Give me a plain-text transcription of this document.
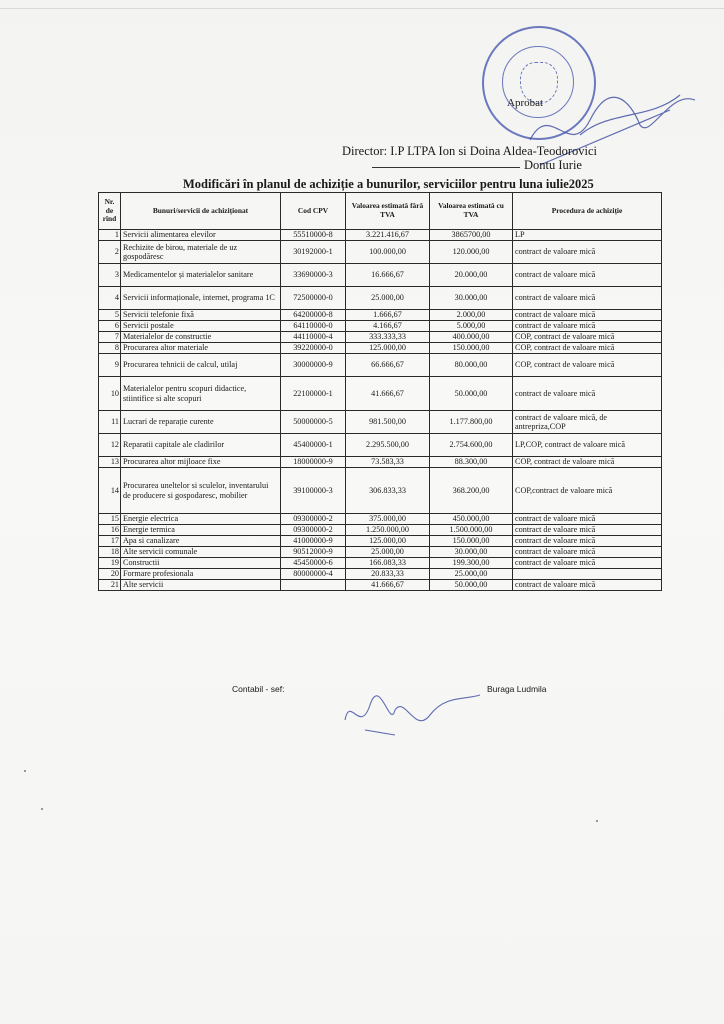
Aprobat
Director: I.P LTPA Ion si Doina Aldea-Teodorovici
Dontu Iurie
Modificări în planul de achiziție a bunurilor, serviciilor pentru luna iulie2025
Nr. de rînd	Bunuri/servicii de achiziționat	Cod CPV	Valoarea estimată fără TVA	Valoarea estimată cu TVA	Procedura de achiziție
1	Servicii alimentarea elevilor	55510000-8	3.221.416,67	3865700,00	LP
2	Rechizite de birou, materiale de uz gospodăresc	30192000-1	100.000,00	120.000,00	contract de valoare mică
3	Medicamentelor și materialelor sanitare	33690000-3	16.666,67	20.000,00	contract de valoare mică
4	Servicii informaționale, internet, programa 1C	72500000-0	25.000,00	30.000,00	contract de valoare mică
5	Servicii telefonie fixă	64200000-8	1.666,67	2.000,00	contract de valoare mică
6	Servicii postale	64110000-0	4.166,67	5.000,00	contract de valoare mică
7	Materialelor de constructie	44110000-4	333.333,33	400.000,00	COP, contract de valoare mică
8	Procurarea altor materiale	39220000-0	125.000,00	150.000,00	COP, contract de valoare mică
9	Procurarea tehnicii de calcul, utilaj	30000000-9	66.666,67	80.000,00	COP, contract de valoare mică
10	Materialelor pentru scopuri didactice, stiintifice si alte scopuri	22100000-1	41.666,67	50.000,00	contract de valoare mică
11	Lucrari de reparație curente	50000000-5	981.500,00	1.177.800,00	contract de valoare mică, de antrepriza,COP
12	Reparatii capitale ale cladirilor	45400000-1	2.295.500,00	2.754.600,00	LP,COP, contract de valoare mică
13	Procurarea altor mijloace fixe	18000000-9	73.583,33	88.300,00	COP, contract de valoare mică
14	Procurarea uneltelor si sculelor, inventarului de producere si gospodaresc, mobilier	39100000-3	306.833,33	368.200,00	COP,contract de valoare mică
15	Energie electrica	09300000-2	375.000,00	450.000,00	contract de valoare mică
16	Energie termica	09300000-2	1.250.000,00	1.500.000,00	contract de valoare mică
17	Apa si canalizare	41000000-9	125.000,00	150.000,00	contract de valoare mică
18	Alte servicii comunale	90512000-9	25.000,00	30.000,00	contract de valoare mică
19	Constructii	45450000-6	166.083,33	199.300,00	contract de valoare mică
20	Formare profesionala	80000000-4	20.833,33	25.000,00	
21	Alte servicii		41.666,67	50.000,00	contract de valoare mică
Contabil - sef:	Buraga Ludmila
